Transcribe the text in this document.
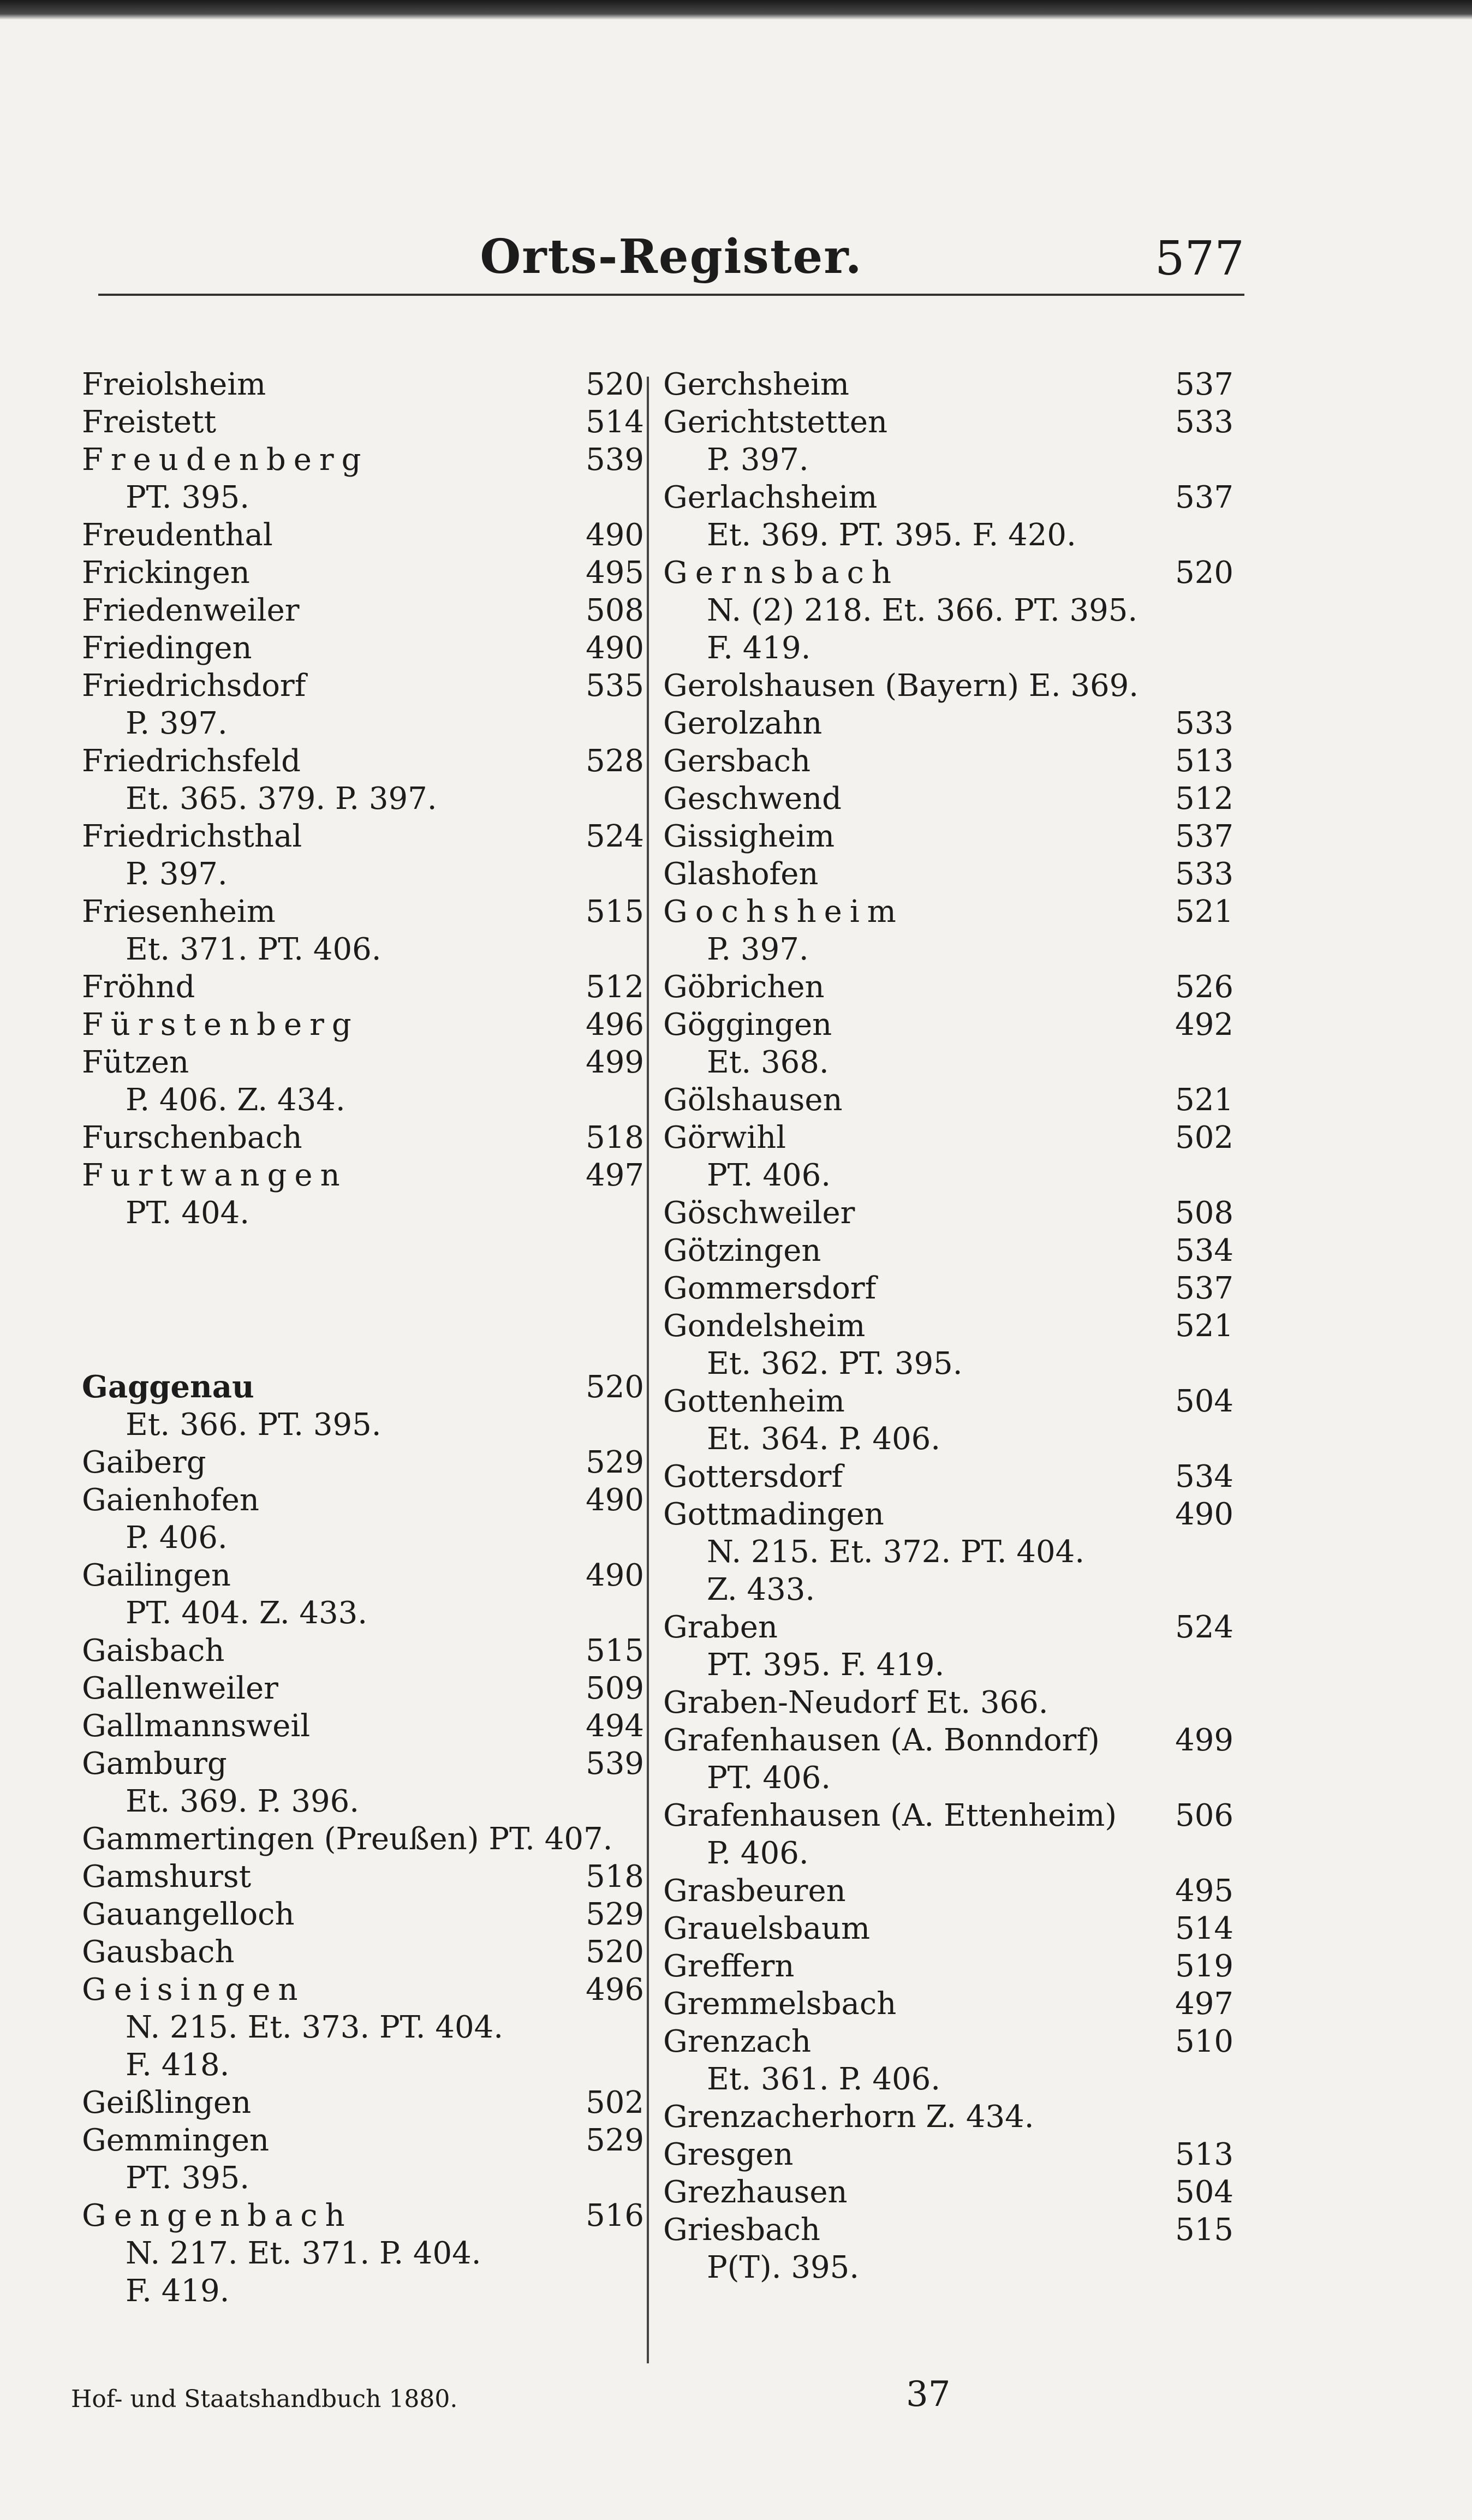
Orts-Register.	577
Freiolsheim	520
Freistett	514
Freudenberg	539
PT. 395.
Freudenthal	490
Frickingen	495
Friedenweiler	508
Friedingen	490
Friedrichsdorf	535
P. 397.
Friedrichsfeld	528
Et. 365. 379. P. 397.
Friedrichsthal	524
P. 397.
Friesenheim	515
Et. 371. PT. 406.
Fröhnd	512
Fürstenberg	496
Fützen	499
P. 406. Z. 434.
Furschenbach	518
Furtwangen	497
PT. 404.
Gaggenau	520
Et. 366. PT. 395.
Gaiberg	529
Gaienhofen	490
P. 406.
Gailingen	490
PT. 404. Z. 433.
Gaisbach	515
Gallenweiler	509
Gallmannsweil	494
Gamburg	539
Et. 369. P. 396.
Gammertingen (Preußen) PT. 407.
Gamshurst	518
Gauangelloch	529
Gausbach	520
Geisingen	496
N. 215. Et. 373. PT. 404.
F. 418.
Geißlingen	502
Gemmingen	529
PT. 395.
Gengenbach	516
N. 217. Et. 371. P. 404.
F. 419.
Gerchsheim	537
Gerichtstetten	533
P. 397.
Gerlachsheim	537
Et. 369. PT. 395. F. 420.
Gernsbach	520
N. (2) 218. Et. 366. PT. 395.
F. 419.
Gerolshausen (Bayern) E. 369.
Gerolzahn	533
Gersbach	513
Geschwend	512
Gissigheim	537
Glashofen	533
Gochsheim	521
P. 397.
Göbrichen	526
Göggingen	492
Et. 368.
Gölshausen	521
Görwihl	502
PT. 406.
Göschweiler	508
Götzingen	534
Gommersdorf	537
Gondelsheim	521
Et. 362. PT. 395.
Gottenheim	504
Et. 364. P. 406.
Gottersdorf	534
Gottmadingen	490
N. 215. Et. 372. PT. 404.
Z. 433.
Graben	524
PT. 395. F. 419.
Graben-Neudorf Et. 366.
Grafenhausen (A. Bonndorf) 499
PT. 406.
Grafenhausen (A. Ettenheim) 506
P. 406.
Grasbeuren	495
Grauelsbaum	514
Greffern	519
Gremmelsbach	497
Grenzach	510
Et. 361. P. 406.
Grenzacherhorn Z. 434.
Gresgen	513
Grezhausen	504
Griesbach	515
P(T). 395.
Hof- und Staatshandbuch 1880.	37
